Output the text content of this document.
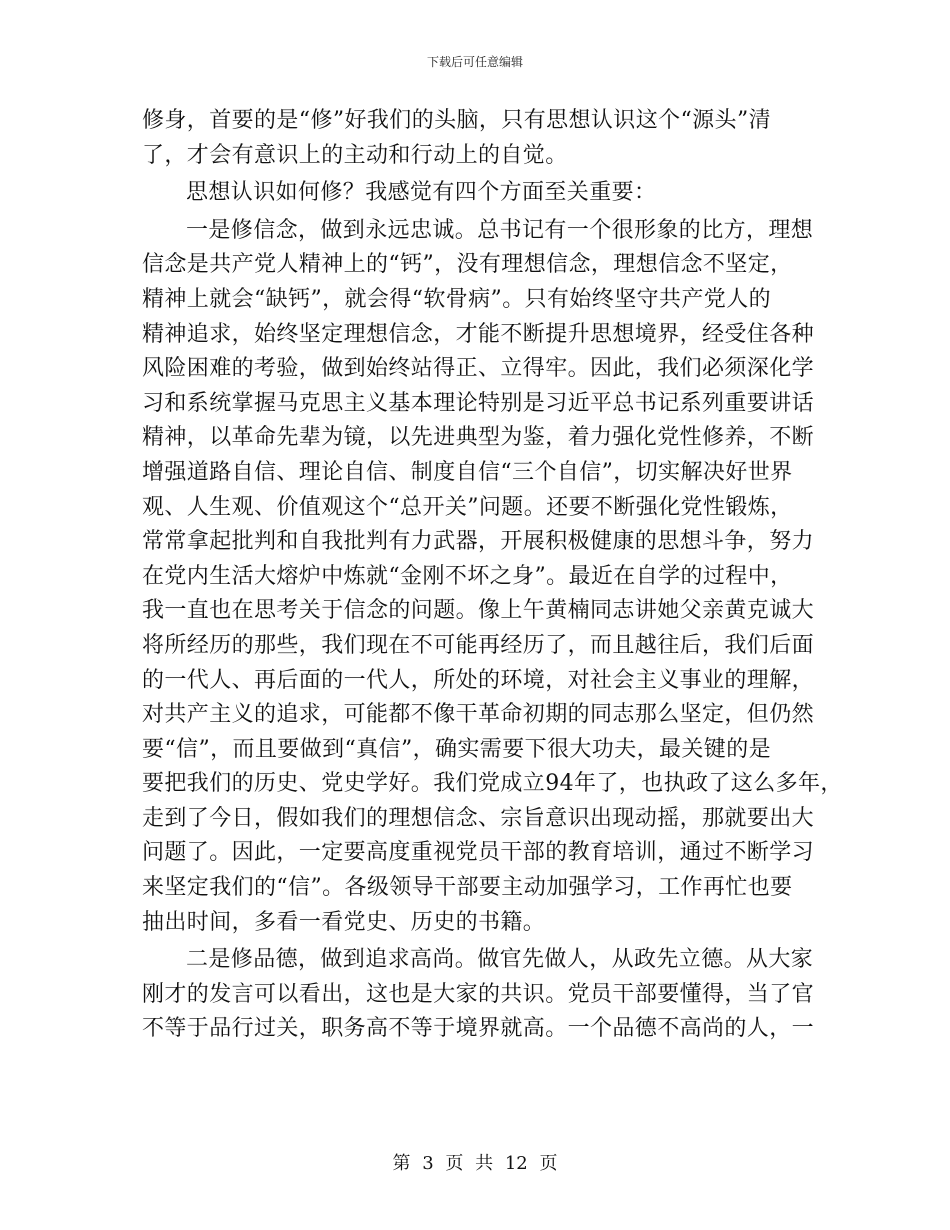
下载后可任意编辑
修身，首要的是“修”好我们的头脑，只有思想认识这个“源头”清
了，才会有意识上的主动和行动上的自觉。
思想认识如何修？我感觉有四个方面至关重要：
一是修信念，做到永远忠诚。总书记有一个很形象的比方，理想
信念是共产党人精神上的“钙”，没有理想信念，理想信念不坚定，
精神上就会“缺钙”，就会得“软骨病”。只有始终坚守共产党人的
精神追求，始终坚定理想信念，才能不断提升思想境界，经受住各种
风险困难的考验，做到始终站得正、立得牢。因此，我们必须深化学
习和系统掌握马克思主义基本理论特别是习近平总书记系列重要讲话
精神，以革命先辈为镜，以先进典型为鉴，着力强化党性修养，不断
增强道路自信、理论自信、制度自信“三个自信”，切实解决好世界
观、人生观、价值观这个“总开关”问题。还要不断强化党性锻炼，
常常拿起批判和自我批判有力武器，开展积极健康的思想斗争，努力
在党内生活大熔炉中炼就“金刚不坏之身”。最近在自学的过程中，
我一直也在思考关于信念的问题。像上午黄楠同志讲她父亲黄克诚大
将所经历的那些，我们现在不可能再经历了，而且越往后，我们后面
的一代人、再后面的一代人，所处的环境，对社会主义事业的理解，
对共产主义的追求，可能都不像干革命初期的同志那么坚定，但仍然
要“信”，而且要做到“真信”，确实需要下很大功夫，最关键的是
要把我们的历史、党史学好。我们党成立94年了，也执政了这么多年，
走到了今日，假如我们的理想信念、宗旨意识出现动摇，那就要出大
问题了。因此，一定要高度重视党员干部的教育培训，通过不断学习
来坚定我们的“信”。各级领导干部要主动加强学习，工作再忙也要
抽出时间，多看一看党史、历史的书籍。
二是修品德，做到追求高尚。做官先做人，从政先立德。从大家
刚才的发言可以看出，这也是大家的共识。党员干部要懂得，当了官
不等于品行过关，职务高不等于境界就高。一个品德不高尚的人，一
第 3 页 共 12 页
